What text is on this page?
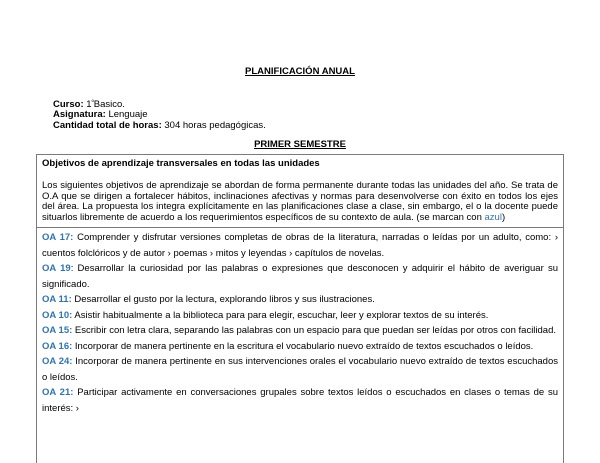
PLANIFICACIÓN ANUAL
Curso: $1^ºBasico$.
Asignatura: Lenguaje
Cantidad total de horas: 304 horas pedagógicas.
PRIMER SEMESTRE
Objetivos de aprendizaje transversales en todas las unidades
Los siguientes objetivos de aprendizaje se abordan de forma permanente durante todas las unidades del año. Se trata de O.A que se dirigen a fortalecer hábitos, inclinaciones afectivas y normas para desenvolverse con éxito en todos los ejes del área. La propuesta los integra explícitamente en las planificaciones clase a clase, sin embargo, el o la docente puede situarlos libremente de acuerdo a los requerimientos específicos de su contexto de aula. (se marcan con azul)
OA 17: Comprender y disfrutar versiones completas de obras de la literatura, narradas o leídas por un adulto, como: › cuentos folclóricos y de autor › poemas › mitos y leyendas › capítulos de novelas.
OA 19: Desarrollar la curiosidad por las palabras o expresiones que desconocen y adquirir el hábito de averiguar su significado.
OA 11: Desarrollar el gusto por la lectura, explorando libros y sus ilustraciones.
OA 10: Asistir habitualmente a la biblioteca para para elegir, escuchar, leer y explorar textos de su interés.
OA 15: Escribir con letra clara, separando las palabras con un espacio para que puedan ser leídas por otros con facilidad.
OA 16: Incorporar de manera pertinente en la escritura el vocabulario nuevo extraído de textos escuchados o leídos.
OA 24: Incorporar de manera pertinente en sus intervenciones orales el vocabulario nuevo extraído de textos escuchados o leídos.
OA 21: Participar activamente en conversaciones grupales sobre textos leídos o escuchados en clases o temas de su interés: ›
